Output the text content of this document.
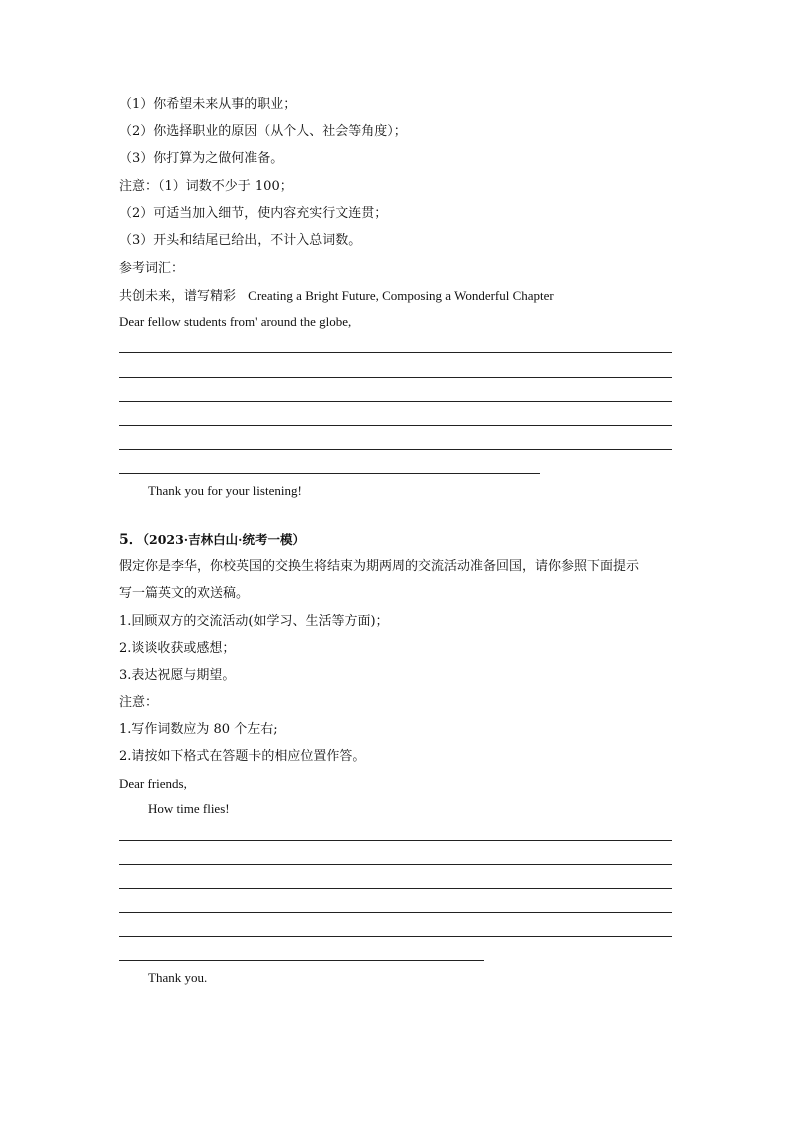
（1）你希望未来从事的职业；
（2）你选择职业的原因（从个人、社会等角度）；
（3）你打算为之做何准备。
注意：（1）词数不少于 100；
（2）可适当加入细节，使内容充实行文连贯；
（3）开头和结尾已给出，不计入总词数。
参考词汇：
共创未来，谱写精彩 Creating a Bright Future, Composing a Wonderful Chapter
Dear fellow students from' around the globe,
Thank you for your listening!
5．（2023·吉林白山·统考一模）
假定你是李华，你校英国的交换生将结束为期两周的交流活动准备回国，请你参照下面提示
写一篇英文的欢送稿。
1.回顾双方的交流活动(如学习、生活等方面)；
2.谈谈收获或感想；
3.表达祝愿与期望。
注意：
1.写作词数应为 80 个左右;
2.请按如下格式在答题卡的相应位置作答。
Dear friends,
How time flies!
Thank you.
